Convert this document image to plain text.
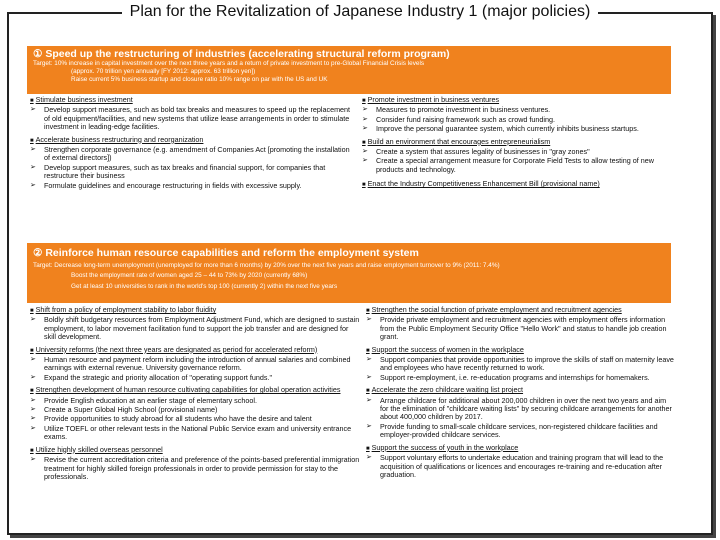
Plan for the Revitalization of Japanese Industry 1 (major policies)
① Speed up the restructuring of industries (accelerating structural reform program)
Target: 10% increase in capital investment over the next three years and a return of private investment to pre-Global Financial Crisis levels
(approx. 70 trillion yen annually [FY 2012: approx. 63 trillion yen])
Raise current 5% business startup and closure ratio 10% range on par with the US and UK
■ Stimulate business investment
➢	Develop support measures, such as bold tax breaks and measures to speed up the replacement of old equipment/facilities, and new systems that utilize lease arrangements in order to stimulate investment in leading-edge facilities.
■ Accelerate business restructuring and reorganization
➢	Strengthen corporate governance (e.g. amendment of Companies Act [promoting the installation of external directors])
➢	Develop support measures, such as tax breaks and financial support, for companies that restructure their business
➢	Formulate guidelines and encourage restructuring in fields with excessive supply.
■ Promote investment in business ventures
➢	Measures to promote investment in business ventures.
➢	Consider fund raising framework such as crowd funding.
➢	Improve the personal guarantee system, which currently inhibits business startups.
■ Build an environment that encourages entrepreneurialism
➢	Create a system that assures legality of businesses in "gray zones"
➢	Create a special arrangement measure for Corporate Field Tests to allow testing of new products and technology.
■ Enact the Industry Competitiveness Enhancement Bill (provisional name)
② Reinforce human resource capabilities and reform the employment system
Target: Decrease long-term unemployment (unemployed for more than 6 months) by 20% over the next five years and raise employment turnover to 9% (2011: 7.4%)
Boost the employment rate of women aged 25 – 44 to 73% by 2020 (currently 68%)
Get at least 10 universities to rank in the world's top 100 (currently 2) within the next five years
■ Shift from a policy of employment stability to labor fluidity
➢	Boldly shift budgetary resources from Employment Adjustment Fund, which are designed to sustain employment, to labor movement facilitation fund to support the job transfer and are designed for skill development.
■ University reforms (the next three years are designated as period for accelerated reform)
➢	Human resource and payment reform including the introduction of annual salaries and combined earnings with external revenue. University governance reform.
➢	Expand the strategic and priority allocation of "operating support funds."
■ Strengthen development of human resource cultivating capabilities for global operation activities
➢	Provide English education at an earlier stage of elementary school.
➢	Create a Super Global High School (provisional name)
➢	Provide opportunities to study abroad for all students who have the desire and talent
➢	Utilize TOEFL or other relevant tests in the National Public Service exam and university entrance exams.
■ Utilize highly skilled overseas personnel
➢	Revise the current accreditation criteria and preference of the points-based preferential immigration treatment for highly skilled foreign professionals in order to provide permission for stay to the professionals.
■ Strengthen the social function of private employment and recruitment agencies
➢	Provide private employment and recruitment agencies with employment offers information from the Public Employment Security Office "Hello Work" and status to handle job creation grant.
■ Support the success of women in the workplace
➢	Support companies that provide opportunities to improve the skills of staff on maternity leave and employees who have recently returned to work.
➢	Support re-employment, i.e. re-education programs and internships for homemakers.
■ Accelerate the zero childcare waiting list project
➢	Arrange childcare for additional about 200,000 children in over the next two years and aim for the elimination of "childcare waiting lists" by securing childcare arrangements for another about 400,000 children by 2017.
➢	Provide funding to small-scale childcare services, non-registered childcare facilities and employer-provided childcare services.
■ Support the success of youth in the workplace
➢	Support voluntary efforts to undertake education and training program that will lead to the acquisition of qualifications or licences and encourages re-training and re-education after graduation.
